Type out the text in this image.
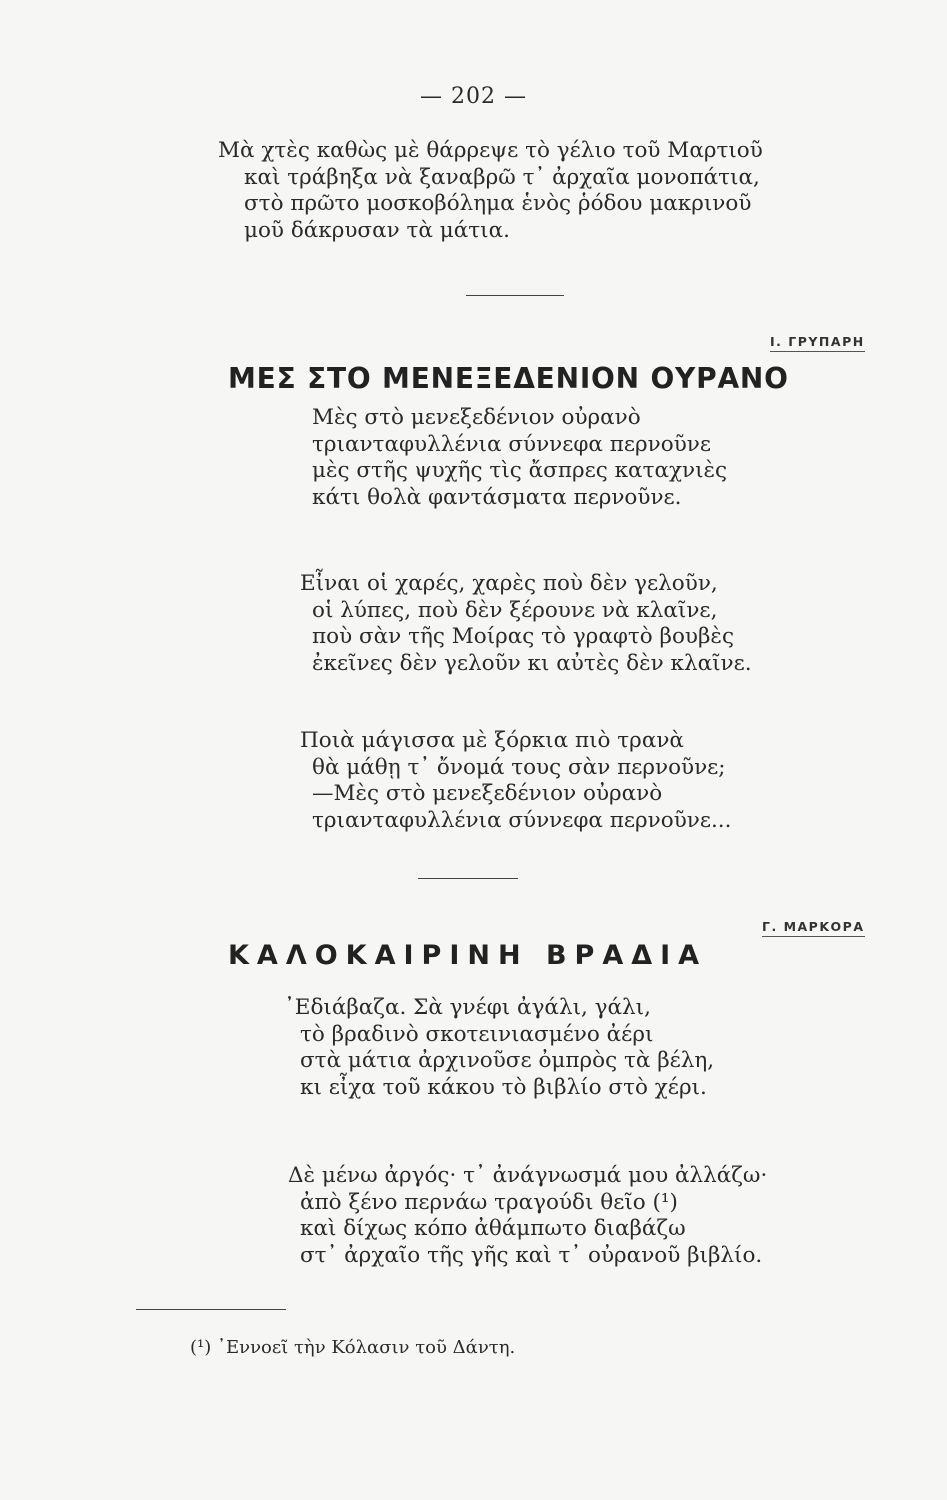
— 202 —
Μὰ χτὲς καθὼς μὲ θάρρεψε τὸ γέλιο τοῦ Μαρτιοῦ
καὶ τράβηξα νὰ ξαναβρῶ τ᾽ ἀρχαῖα μονοπάτια,
στὸ πρῶτο μοσκοβόλημα ἑνὸς ῥόδου μακρινοῦ
μοῦ δάκρυσαν τὰ μάτια.
Ι. ΓΡΥΠΑΡΗ
ΜΕΣ ΣΤΟ ΜΕΝΕΞΕΔΕΝΙΟΝ ΟΥΡΑΝΟ
Μὲς στὸ μενεξεδένιον οὐρανὸ
τριανταφυλλένια σύννεφα περνοῦνε
μὲς στῆς ψυχῆς τὶς ἄσπρες καταχνιὲς
κάτι θολὰ φαντάσματα περνοῦνε.
Εἶναι οἱ χαρές, χαρὲς ποὺ δὲν γελοῦν,
οἱ λύπες, ποὺ δὲν ξέρουνε νὰ κλαῖνε,
ποὺ σὰν τῆς Μοίρας τὸ γραφτὸ βουβὲς
ἐκεῖνες δὲν γελοῦν κι αὐτὲς δὲν κλαῖνε.
Ποιὰ μάγισσα μὲ ξόρκια πιὸ τρανὰ
θὰ μάθῃ τ᾽ ὄνομά τους σὰν περνοῦνε;
—Μὲς στὸ μενεξεδένιον οὐρανὸ
τριανταφυλλένια σύννεφα περνοῦνε...
Γ. ΜΑΡΚΟΡΑ
ΚΑΛΟΚΑΙΡΙΝΗ ΒΡΑΔΙΑ
᾽Εδιάβαζα. Σὰ γνέφι ἀγάλι, γάλι,
τὸ βραδινὸ σκοτεινιασμένο ἀέρι
στὰ μάτια ἀρχινοῦσε ὀμπρὸς τὰ βέλη,
κι εἶχα τοῦ κάκου τὸ βιβλίο στὸ χέρι.
Δὲ μένω ἀργός· τ᾽ ἀνάγνωσμά μου ἀλλάζω·
ἀπὸ ξένο περνάω τραγούδι θεῖο (¹)
καὶ δίχως κόπο ἀθάμπωτο διαβάζω
στ᾽ ἀρχαῖο τῆς γῆς καὶ τ᾽ οὐρανοῦ βιβλίο.
(¹) ᾽Εννοεῖ τὴν Κόλασιν τοῦ Δάντη.
